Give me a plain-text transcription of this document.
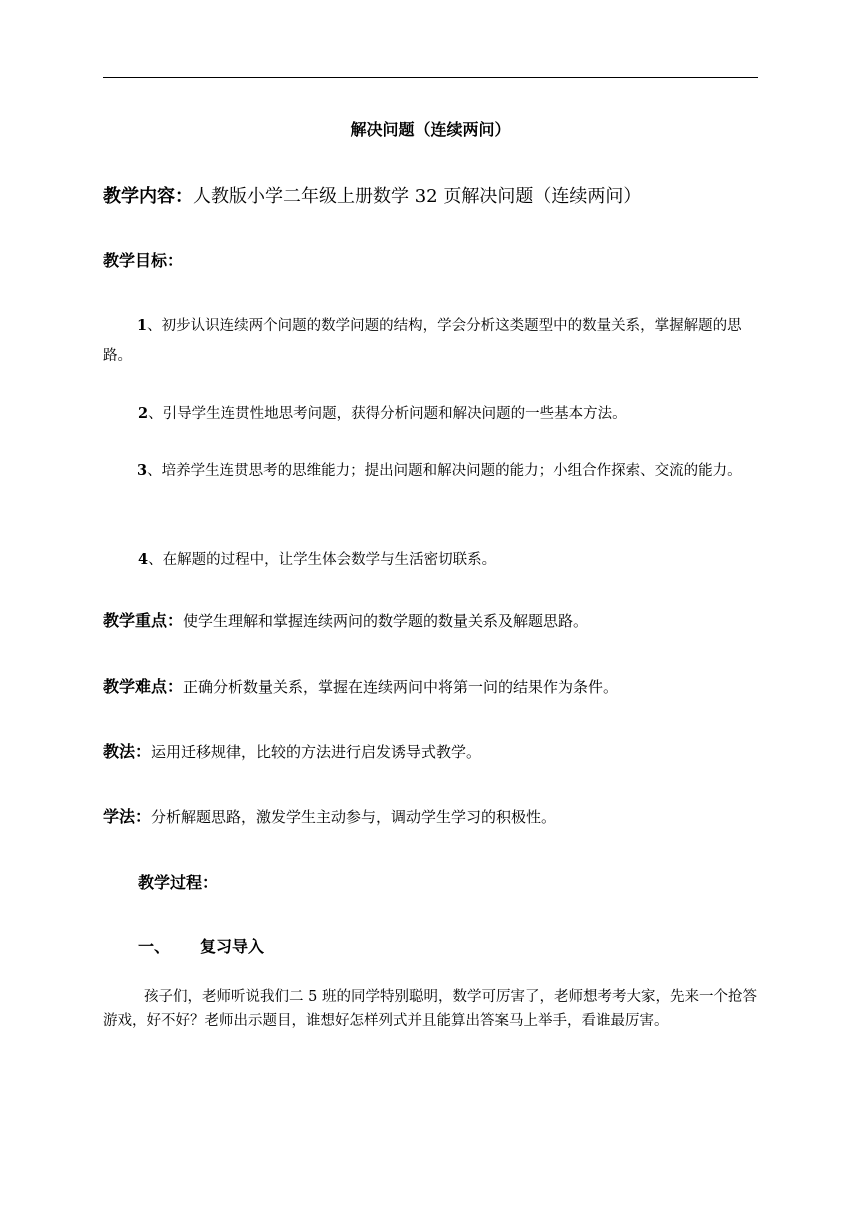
解决问题（连续两问）

教学内容：人教版小学二年级上册数学 32 页解决问题（连续两问）

教学目标：

1、初步认识连续两个问题的数学问题的结构，学会分析这类题型中的数量关系，掌握解题的思路。

2、引导学生连贯性地思考问题，获得分析问题和解决问题的一些基本方法。

3、培养学生连贯思考的思维能力；提出问题和解决问题的能力；小组合作探索、交流的能力。

4、在解题的过程中，让学生体会数学与生活密切联系。

教学重点：使学生理解和掌握连续两问的数学题的数量关系及解题思路。

教学难点：正确分析数量关系，掌握在连续两问中将第一问的结果作为条件。

教法：运用迁移规律，比较的方法进行启发诱导式教学。

学法：分析解题思路，激发学生主动参与，调动学生学习的积极性。

教学过程：

一、 复习导入

孩子们，老师听说我们二 5 班的同学特别聪明，数学可厉害了，老师想考考大家，先来一个抢答游戏，好不好？老师出示题目，谁想好怎样列式并且能算出答案马上举手，看谁最厉害。
